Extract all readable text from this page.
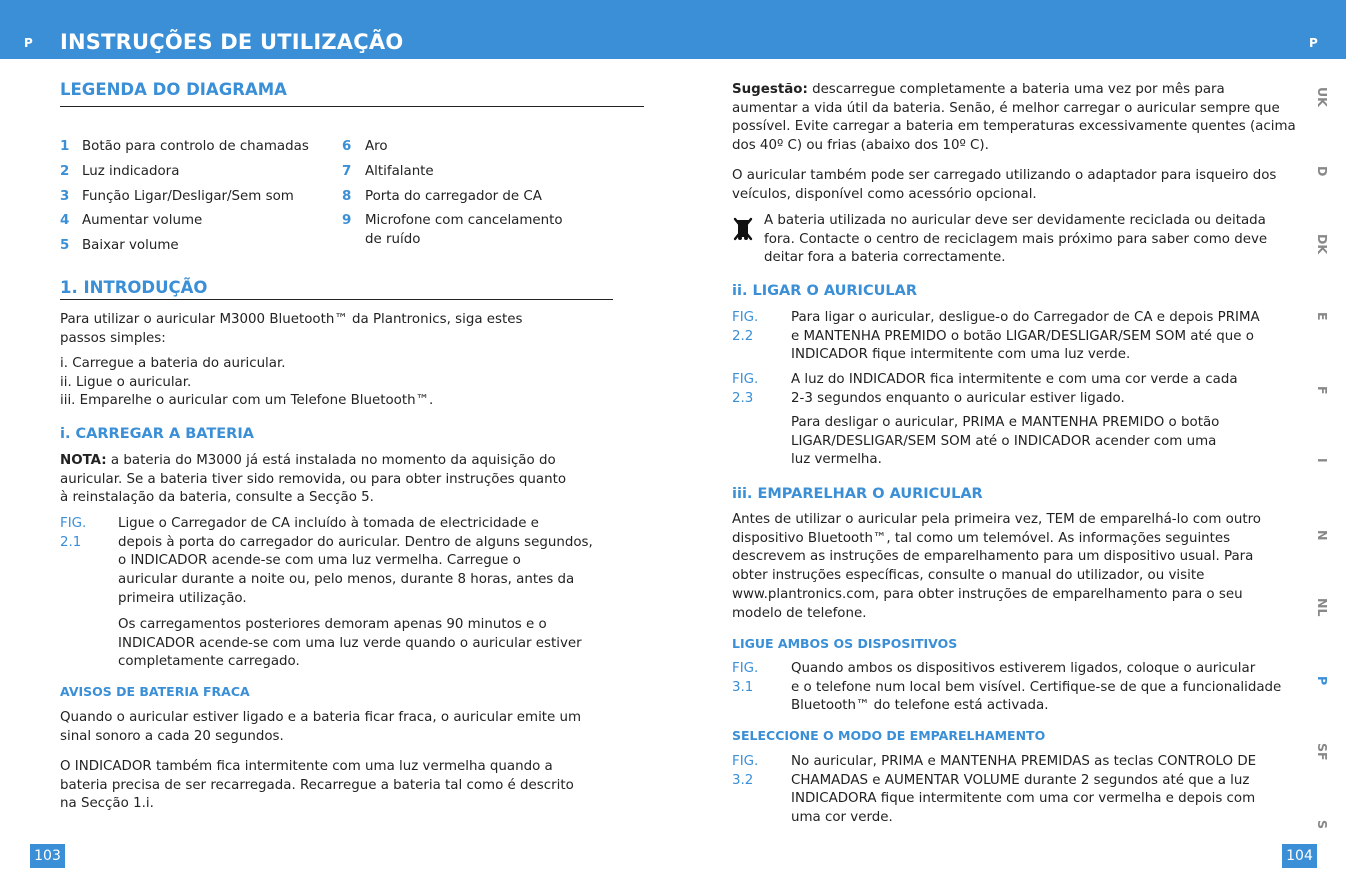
P INSTRUÇÕES DE UTILIZAÇÃO	P
LEGENDA DO DIAGRAMA
1 Botão para controlo de chamadas
2 Luz indicadora
3 Função Ligar/Desligar/Sem som
4 Aumentar volume
5 Baixar volume
6 Aro
7 Altifalante
8 Porta do carregador de CA
9 Microfone com cancelamento
de ruído
1. INTRODUÇÃO

Para utilizar o auricular M3000 Bluetooth™ da Plantronics, siga estes

passos simples:

i. Carregue a bateria do auricular.

ii. Ligue o auricular.

iii. Emparelhe o auricular com um Telefone Bluetooth™.

i. CARREGAR A BATERIA

NOTA: a bateria do M3000 já está instalada no momento da aquisição do

auricular. Se a bateria tiver sido removida, ou para obter instruções quanto

à reinstalação da bateria, consulte a Secção 5.

FIG. 2.1

Ligue o Carregador de CA incluído à tomada de electricidade e

depois à porta do carregador do auricular. Dentro de alguns segundos,

o INDICADOR acende-se com uma luz vermelha. Carregue o

auricular durante a noite ou, pelo menos, durante 8 horas, antes da

primeira utilização.

Os carregamentos posteriores demoram apenas 90 minutos e o

INDICADOR acende-se com uma luz verde quando o auricular estiver

completamente carregado.

AVISOS DE BATERIA FRACA

Quando o auricular estiver ligado e a bateria ficar fraca, o auricular emite um

sinal sonoro a cada 20 segundos.

O INDICADOR também fica intermitente com uma luz vermelha quando a

bateria precisa de ser recarregada. Recarregue a bateria tal como é descrito

na Secção 1.i.

103

Sugestão: descarregue completamente a bateria uma vez por mês para

aumentar a vida útil da bateria. Senão, é melhor carregar o auricular sempre que

possível. Evite carregar a bateria em temperaturas excessivamente quentes (acima

dos 40º C) ou frias (abaixo dos 10º C).

O auricular também pode ser carregado utilizando o adaptador para isqueiro dos

veículos, disponível como acessório opcional.

A bateria utilizada no auricular deve ser devidamente reciclada ou deitada

fora. Contacte o centro de reciclagem mais próximo para saber como deve

deitar fora a bateria correctamente.

ii. LIGAR O AURICULAR
FIG. 2.2

Para ligar o auricular, desligue-o do Carregador de CA e depois PRIMA

e MANTENHA PREMIDO o botão LIGAR/DESLIGAR/SEM SOM até que o

INDICADOR fique intermitente com uma luz verde.

FIG. 2.3

A luz do INDICADOR fica intermitente e com uma cor verde a cada

2-3 segundos enquanto o auricular estiver ligado.

Para desligar o auricular, PRIMA e MANTENHA PREMIDO o botão

LIGAR/DESLIGAR/SEM SOM até o INDICADOR acender com uma

luz vermelha.

iii. EMPARELHAR O AURICULAR

Antes de utilizar o auricular pela primeira vez, TEM de emparelhá-lo com outro

dispositivo Bluetooth™, tal como um telemóvel. As informações seguintes

descrevem as instruções de emparelhamento para um dispositivo usual. Para

obter instruções específicas, consulte o manual do utilizador, ou visite

www.plantronics.com, para obter instruções de emparelhamento para o seu

modelo de telefone.

LIGUE AMBOS OS DISPOSITIVOS
FIG. 3.1

Quando ambos os dispositivos estiverem ligados, coloque o auricular

e o telefone num local bem visível. Certifique-se de que a funcionalidade

Bluetooth™ do telefone está activada.

SELECCIONE O MODO DE EMPARELHAMENTO
FIG. 3.2

No auricular, PRIMA e MANTENHA PREMIDAS as teclas CONTROLO DE

CHAMADAS e AUMENTAR VOLUME durante 2 segundos até que a luz

INDICADORA fique intermitente com uma cor vermelha e depois com

uma cor verde.

UK
D
DK
E
F
I
N
NL
P
SF
S
104
